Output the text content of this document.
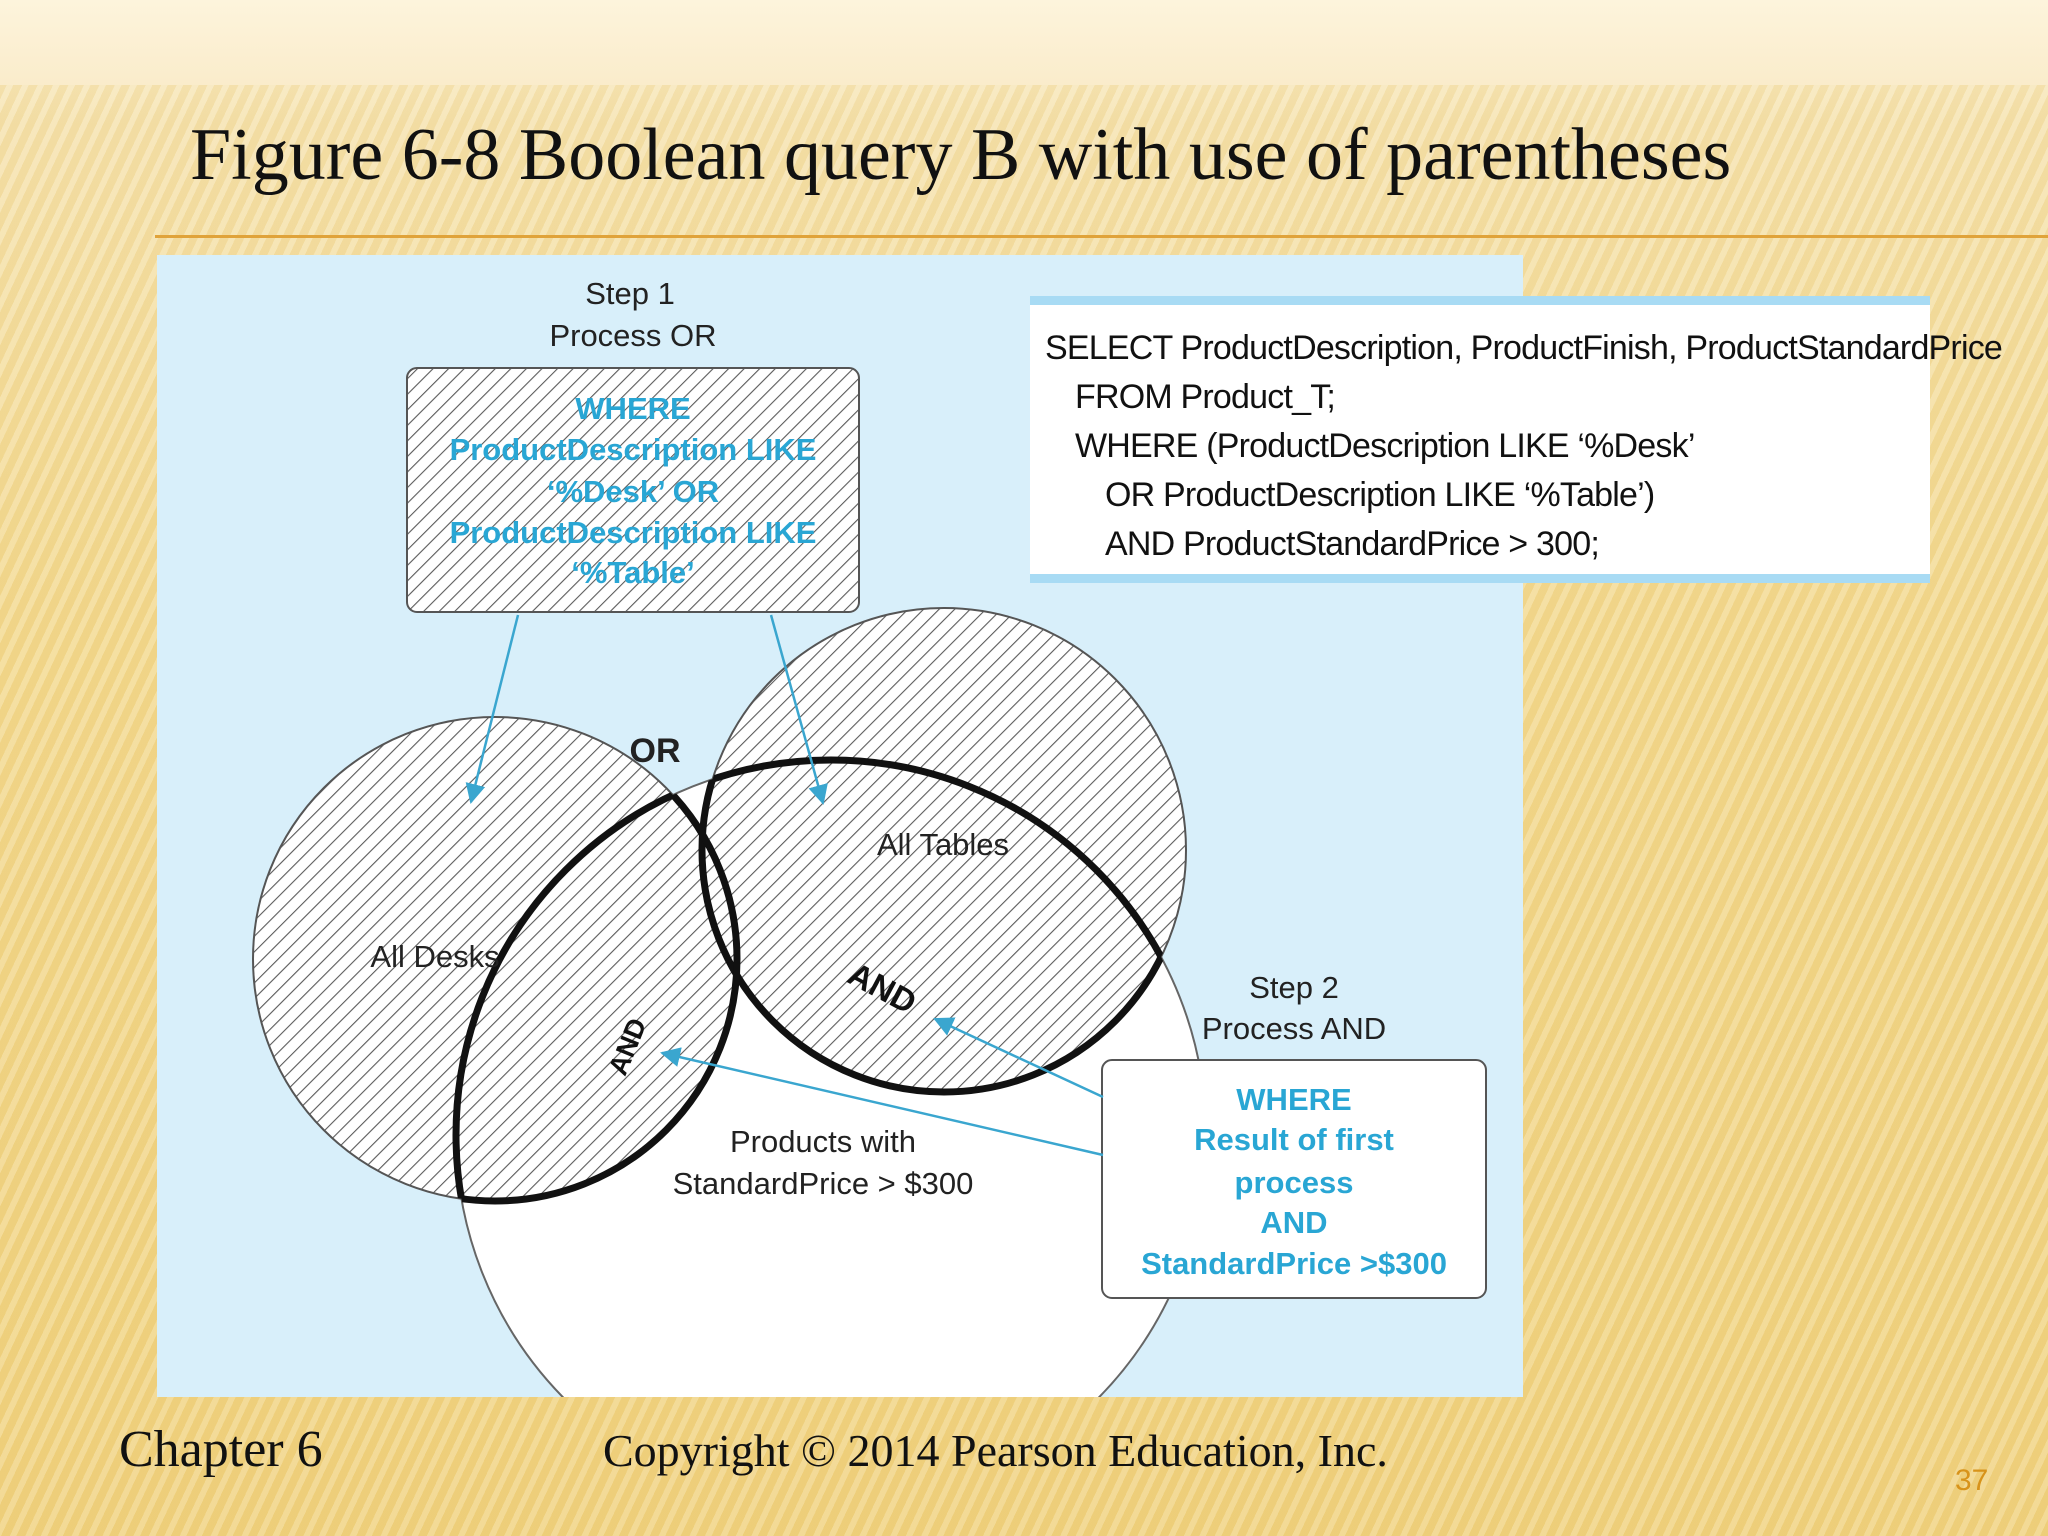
Figure 6-8 Boolean query B with use of parentheses
Step 1
Process OR
WHERE
ProductDescription LIKE
‘%Desk’ OR
ProductDescription LIKE
‘%Table’
OR
All Desks
All Tables
Products with
StandardPrice > $300
AND
AND
Step 2
Process AND
WHERE
Result of first
process
AND
StandardPrice >$300
SELECT ProductDescription, ProductFinish, ProductStandardPrice
FROM Product_T;
WHERE (ProductDescription LIKE ‘%Desk’
OR ProductDescription LIKE ‘%Table’)
AND ProductStandardPrice > 300;
Chapter 6	Copyright © 2014 Pearson Education, Inc.
37
